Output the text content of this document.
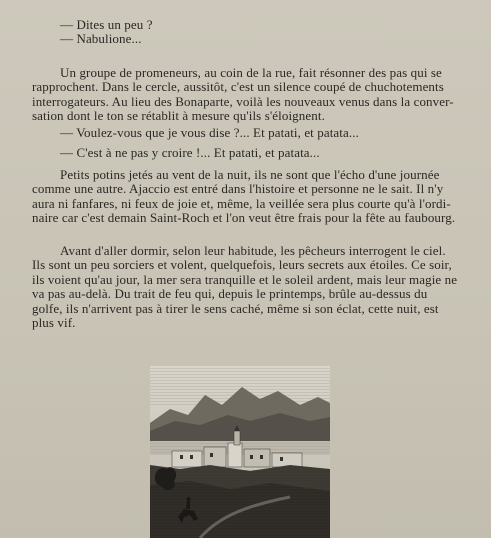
— Dites un peu ?
— Nabulione...
Un groupe de promeneurs, au coin de la rue, fait résonner des pas qui se
rapprochent. Dans le cercle, aussitôt, c'est un silence coupé de chuchotements
interrogateurs. Au lieu des Bonaparte, voilà les nouveaux venus dans la conver-
sation dont le ton se rétablit à mesure qu'ils s'éloignent.
— Voulez-vous que je vous dise ?... Et patati, et patata...
— C'est à ne pas y croire !... Et patati, et patata...
Petits potins jetés au vent de la nuit, ils ne sont que l'écho d'une journée
comme une autre. Ajaccio est entré dans l'histoire et personne ne le sait. Il n'y
aura ni fanfares, ni feux de joie et, même, la veillée sera plus courte qu'à l'ordi-
naire car c'est demain Saint-Roch et l'on veut être frais pour la fête au faubourg.
Avant d'aller dormir, selon leur habitude, les pêcheurs interrogent le ciel.
Ils sont un peu sorciers et volent, quelquefois, leurs secrets aux étoiles. Ce soir,
ils voient qu'au jour, la mer sera tranquille et le soleil ardent, mais leur magie ne
va pas au-delà. Du trait de feu qui, depuis le printemps, brûle au-dessus du
golfe, ils n'arrivent pas à tirer le sens caché, même si son éclat, cette nuit, est
plus vif.
